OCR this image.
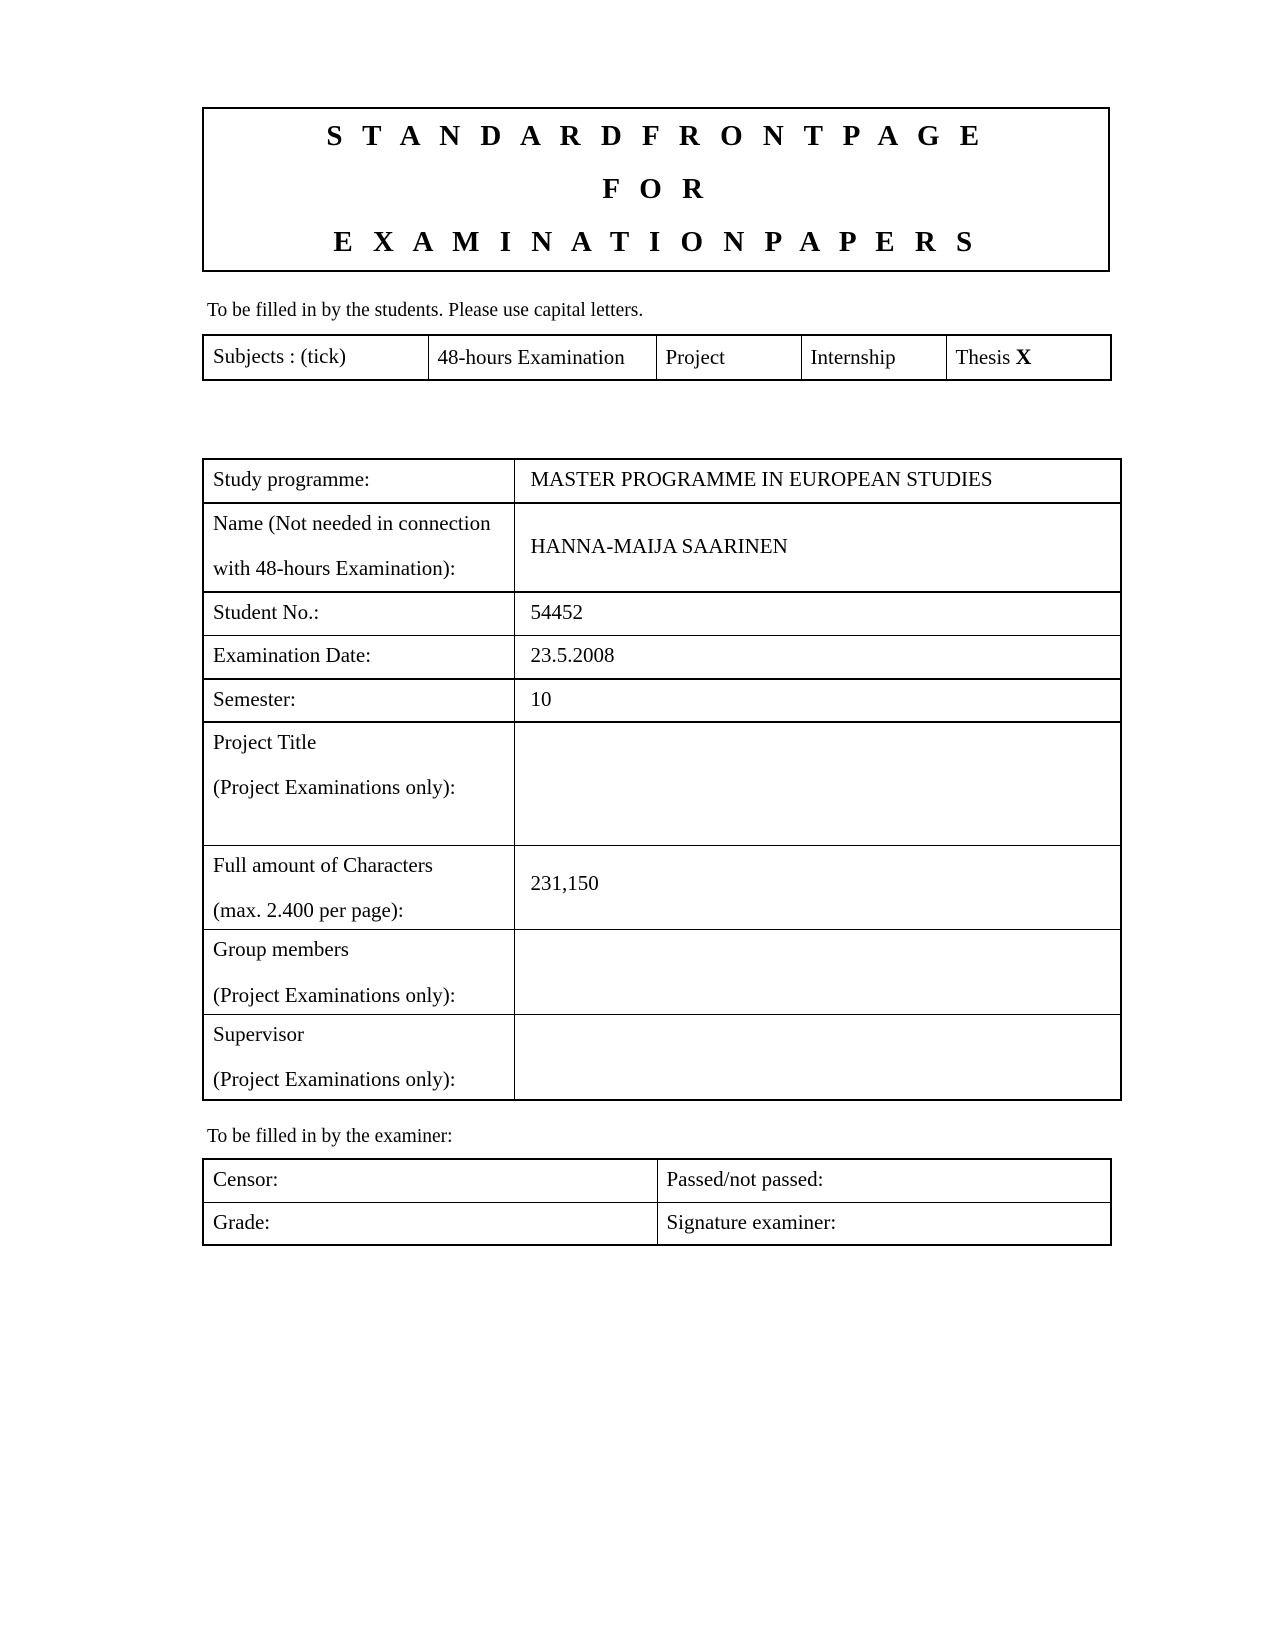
S T A N D A R D F R O N T P A G E
F O R
E X A M I N A T I O N P A P E R S
To be filled in by the students. Please use capital letters.
Subjects : (tick)	48-hours Examination	Project	Internship	Thesis X
Study programme:	MASTER PROGRAMME IN EUROPEAN STUDIES

Name (Not needed in connection
with 48-hours Examination):	HANNA-MAIJA SAARINEN

Student No.:	54452

Examination Date:	23.5.2008

Semester:	10

Project Title
(Project Examinations only):	

Full amount of Characters
(max. 2.400 per page):	231,150

Group members
(Project Examinations only):	

Supervisor
(Project Examinations only):	

To be filled in by the examiner:
Censor:	Passed/not passed:
Grade:	Signature examiner:
